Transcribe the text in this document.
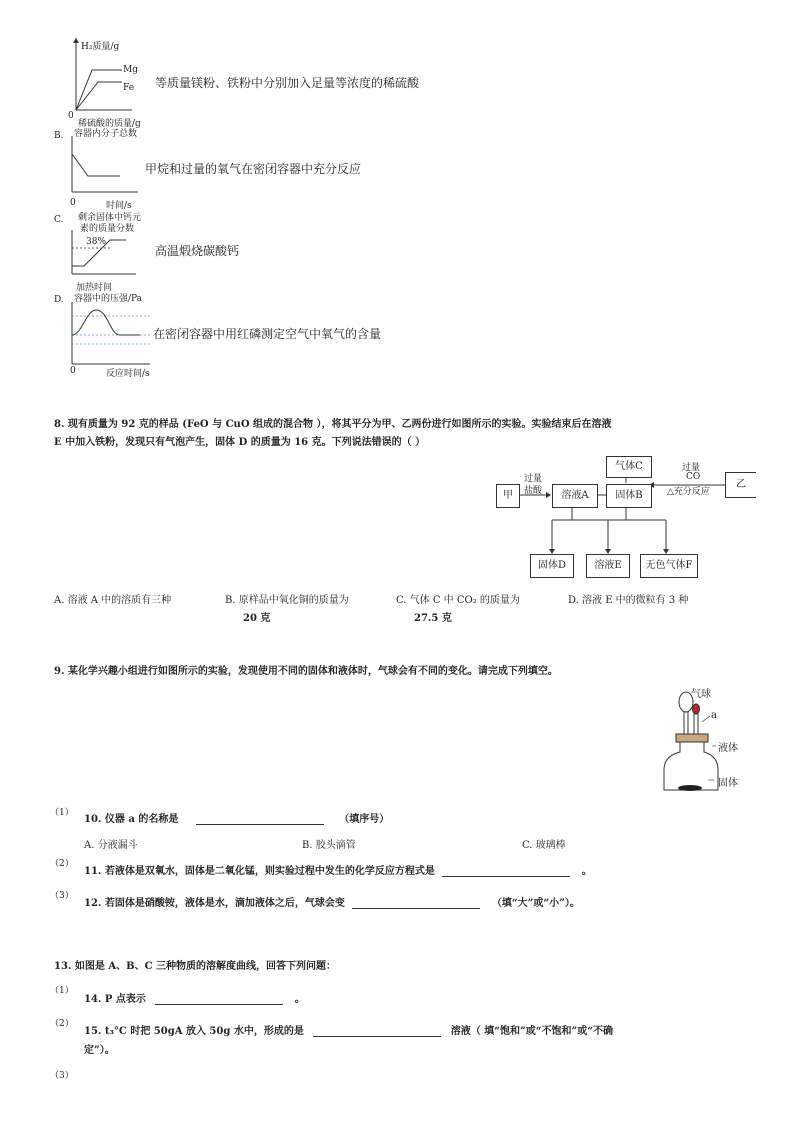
H₂质量/g
Mg
Fe 等质量镁粉、铁粉中分别加入足量等浓度的稀硫酸
0
稀硫酸的质量/g
B. 容器内分子总数
甲烷和过量的氧气在密闭容器中充分反应
0	时间/s
C. 剩余固体中钙元
素的质量分数
38%
高温煅烧碳酸钙
加热时间
D. 容器中的压强/Pa
在密闭容器中用红磷测定空气中氧气的含量
0	反应时间/s
8. 现有质量为 92 克的样品 (FeO 与 CuO 组成的混合物 ），将其平分为甲、乙两份进行如图所示的实验。实验结束后在溶液
E 中加入铁粉，发现只有气泡产生，固体 D 的质量为 16 克。下列说法错误的（ ）
甲
过量
盐酸	溶液A
气体C
固体B
过量
CO
△充分反应
乙
固体D	溶液E	无色气体F
A. 溶液 A 中的溶质有三种	B. 原样品中氧化铜的质量为
20 克
C. 气体 C 中 CO₂ 的质量为
27.5 克
D. 溶液 E 中的微粒有 3 种
9. 某化学兴趣小组进行如图所示的实验，发现使用不同的固体和液体时，气球会有不同的变化。请完成下列填空。
气球
a
液体
固体
（1）
10. 仪器 a 的名称是	（填序号）
A. 分液漏斗	B. 胶头滴管	C. 玻璃棒
（2）
11. 若液体是双氧水，固体是二氧化锰，则实验过程中发生的化学反应方程式是	。
（3）
12. 若固体是硝酸铵，液体是水，滴加液体之后，气球会变	（填“大”或“小”）。
13. 如图是 A、B、C 三种物质的溶解度曲线，回答下列问题：
（1）
14. P 点表示	。
（2）
15. t₃°C 时把 50gA 放入 50g 水中，形成的是	溶液（ 填“饱和”或“不饱和”或“不确
定”）。
（3）
